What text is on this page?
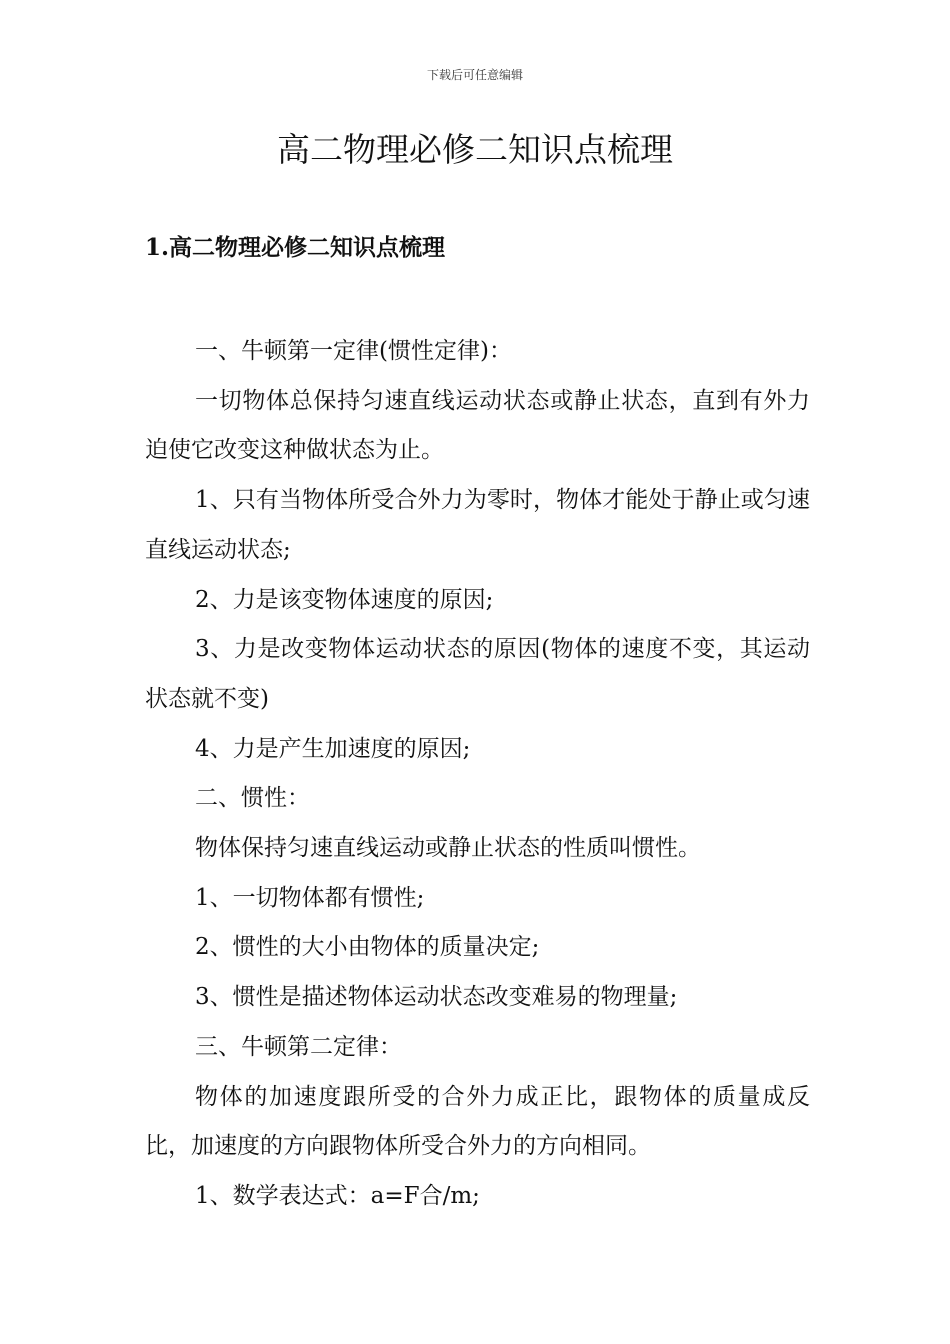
下载后可任意编辑
高二物理必修二知识点梳理
1.高二物理必修二知识点梳理

一、牛顿第一定律(惯性定律)：

一切物体总保持匀速直线运动状态或静止状态，直到有外力迫使它改变这种做状态为止。

1、只有当物体所受合外力为零时，物体才能处于静止或匀速直线运动状态;

2、力是该变物体速度的原因;

3、力是改变物体运动状态的原因(物体的速度不变，其运动状态就不变)

4、力是产生加速度的原因;

二、惯性：

物体保持匀速直线运动或静止状态的性质叫惯性。

1、一切物体都有惯性;

2、惯性的大小由物体的质量决定;

3、惯性是描述物体运动状态改变难易的物理量;

三、牛顿第二定律：

物体的加速度跟所受的合外力成正比，跟物体的质量成反比，加速度的方向跟物体所受合外力的方向相同。

1、数学表达式：a=F合/m;
